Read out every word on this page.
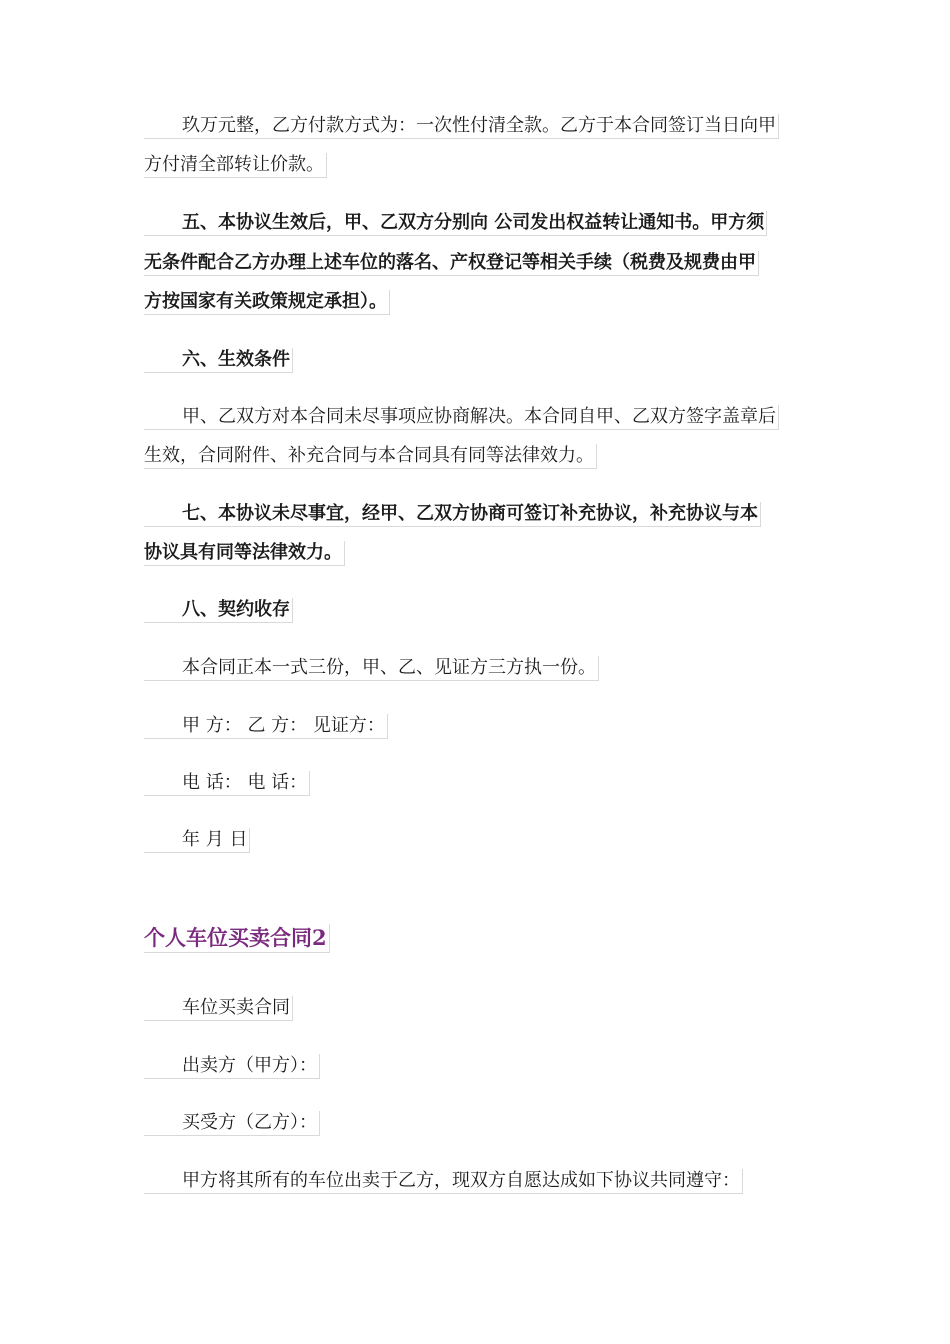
玖万元整，乙方付款方式为：一次性付清全款。乙方于本合同签订当日向甲
方付清全部转让价款。
五、本协议生效后，甲、乙双方分别向 公司发出权益转让通知书。甲方须
无条件配合乙方办理上述车位的落名、产权登记等相关手续（税费及规费由甲
方按国家有关政策规定承担）。
六、生效条件
甲、乙双方对本合同未尽事项应协商解决。本合同自甲、乙双方签字盖章后
生效，合同附件、补充合同与本合同具有同等法律效力。
七、本协议未尽事宜，经甲、乙双方协商可签订补充协议，补充协议与本
协议具有同等法律效力。
八、契约收存
本合同正本一式三份，甲、乙、见证方三方执一份。
甲 方： 乙 方： 见证方：
电 话： 电 话：
年 月 日
个人车位买卖合同2
车位买卖合同
出卖方（甲方）：
买受方（乙方）：
甲方将其所有的车位出卖于乙方，现双方自愿达成如下协议共同遵守：
